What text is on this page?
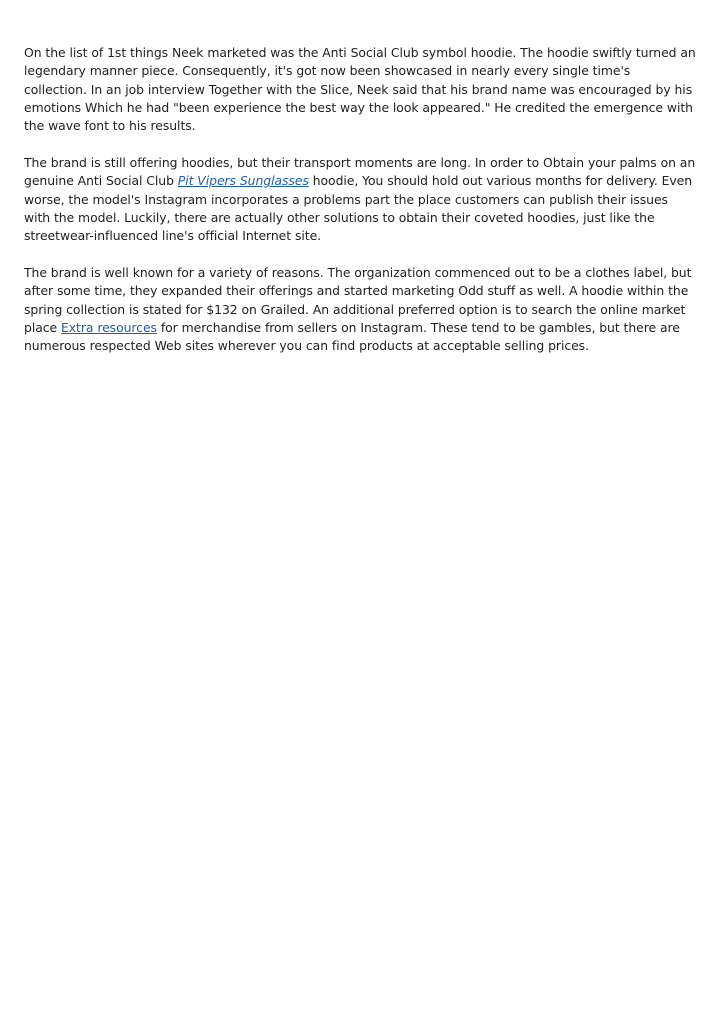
On the list of 1st things Neek marketed was the Anti Social Club symbol hoodie. The hoodie swiftly turned an legendary manner piece. Consequently, it's got now been showcased in nearly every single time's collection. In an job interview Together with the Slice, Neek said that his brand name was encouraged by his emotions Which he had "been experience the best way the look appeared." He credited the emergence with the wave font to his results.

The brand is still offering hoodies, but their transport moments are long. In order to Obtain your palms on an genuine Anti Social Club Pit Vipers Sunglasses hoodie, You should hold out various months for delivery. Even worse, the model's Instagram incorporates a problems part the place customers can publish their issues with the model. Luckily, there are actually other solutions to obtain their coveted hoodies, just like the streetwear-influenced line's official Internet site.

The brand is well known for a variety of reasons. The organization commenced out to be a clothes label, but after some time, they expanded their offerings and started marketing Odd stuff as well. A hoodie within the spring collection is stated for $132 on Grailed. An additional preferred option is to search the online market place Extra resources for merchandise from sellers on Instagram. These tend to be gambles, but there are numerous respected Web sites wherever you can find products at acceptable selling prices.
